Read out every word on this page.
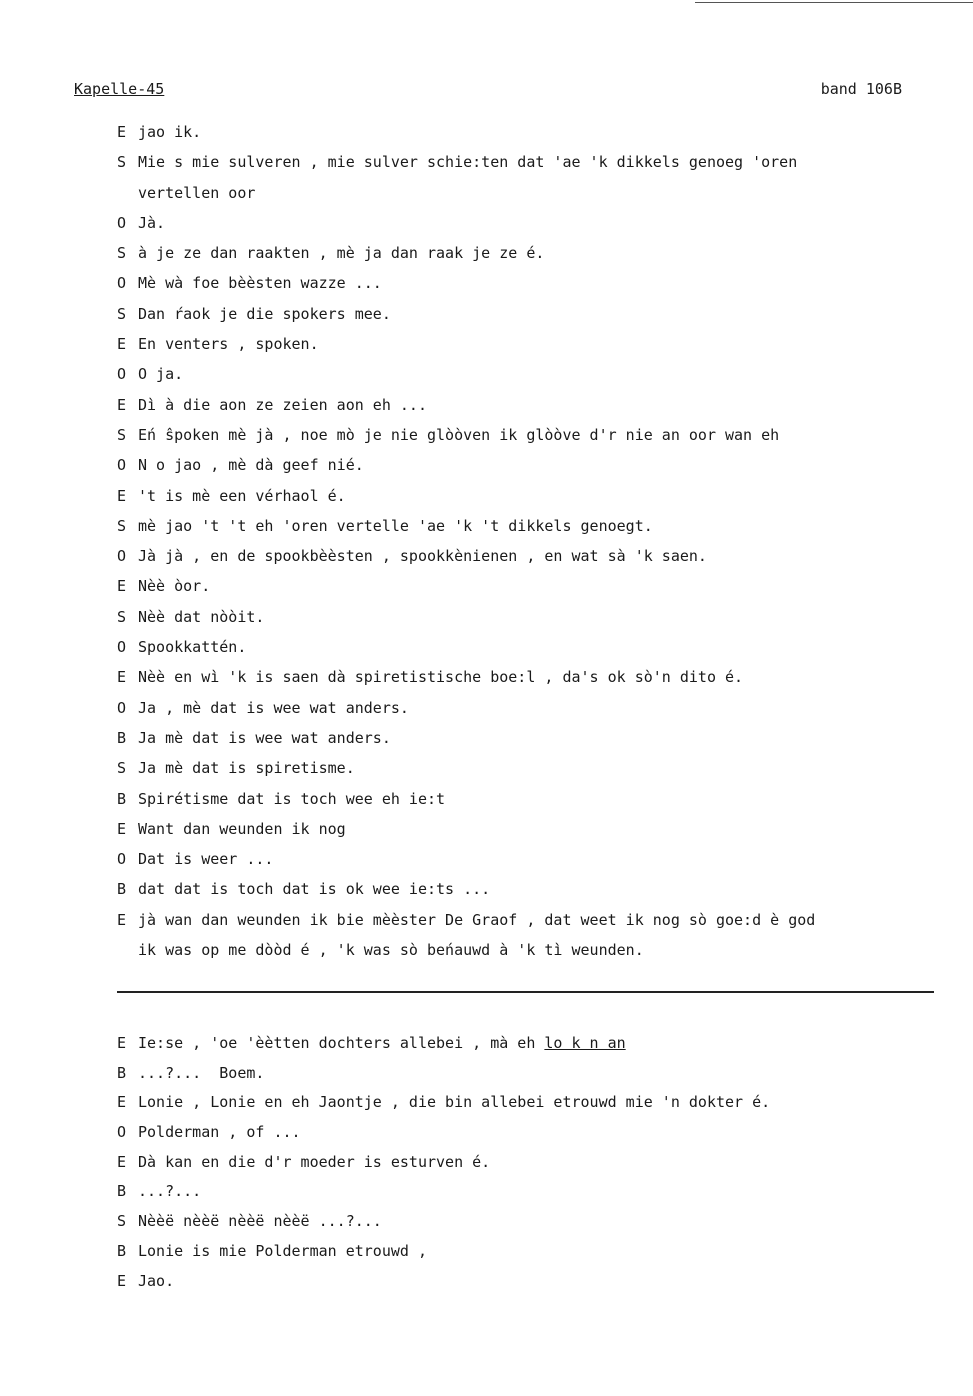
Kapelle-45	band 106B
E jao ik.
S Mie s mie sulveren , mie sulver schie:ten dat 'ae 'k dikkels genoeg 'oren
vertellen oor
O Jà.
S à je ze dan raakten , mè ja dan raak je ze é.
O Mè wà foe bèèsten wazze ...
S Dan ŕaok je die spokers mee.
E En venters , spoken.
O O ja.
E Dì à die aon ze zeien aon eh ...
S Eń ŝpoken mè jà , noe mò je nie glòòven ik glòòve d'r nie an oor wan eh
O N o jao , mè dà geef nié.
E 't is mè een vérhaol é.
S mè jao 't 't eh 'oren vertelle 'ae 'k 't dikkels genoegt.
O Jà jà , en de spookbèèsten , spookkènienen , en wat sà 'k saen.
E Nèè òor.
S Nèè dat nòòit.
O Spookkattén.
E Nèè en wì 'k is saen dà spiretistische boe:l , da's ok sò'n dito é.
O Ja , mè dat is wee wat anders.
B Ja mè dat is wee wat anders.
S Ja mè dat is spiretisme.
B Spirétisme dat is toch wee eh ie:t
E Want dan weunden ik nog
O Dat is weer ...
B dat dat is toch dat is ok wee ie:ts ...
E jà wan dan weunden ik bie mèèster De Graof , dat weet ik nog sò goe:d è god
ik was op me dòòd é , 'k was sò beńauwd à 'k tì weunden.
E Ie:se , 'oe 'èètten dochters allebei , mà eh lo k n an
B ...?...  Boem.
E Lonie , Lonie en eh Jaontje , die bin allebei etrouwd mie 'n dokter é.
O Polderman , of ...
E Dà kan en die d'r moeder is esturven é.
B ...?...
S Nèèë nèèë nèèë nèèë ...?...
B Lonie is mie Polderman etrouwd ,
E Jao.
